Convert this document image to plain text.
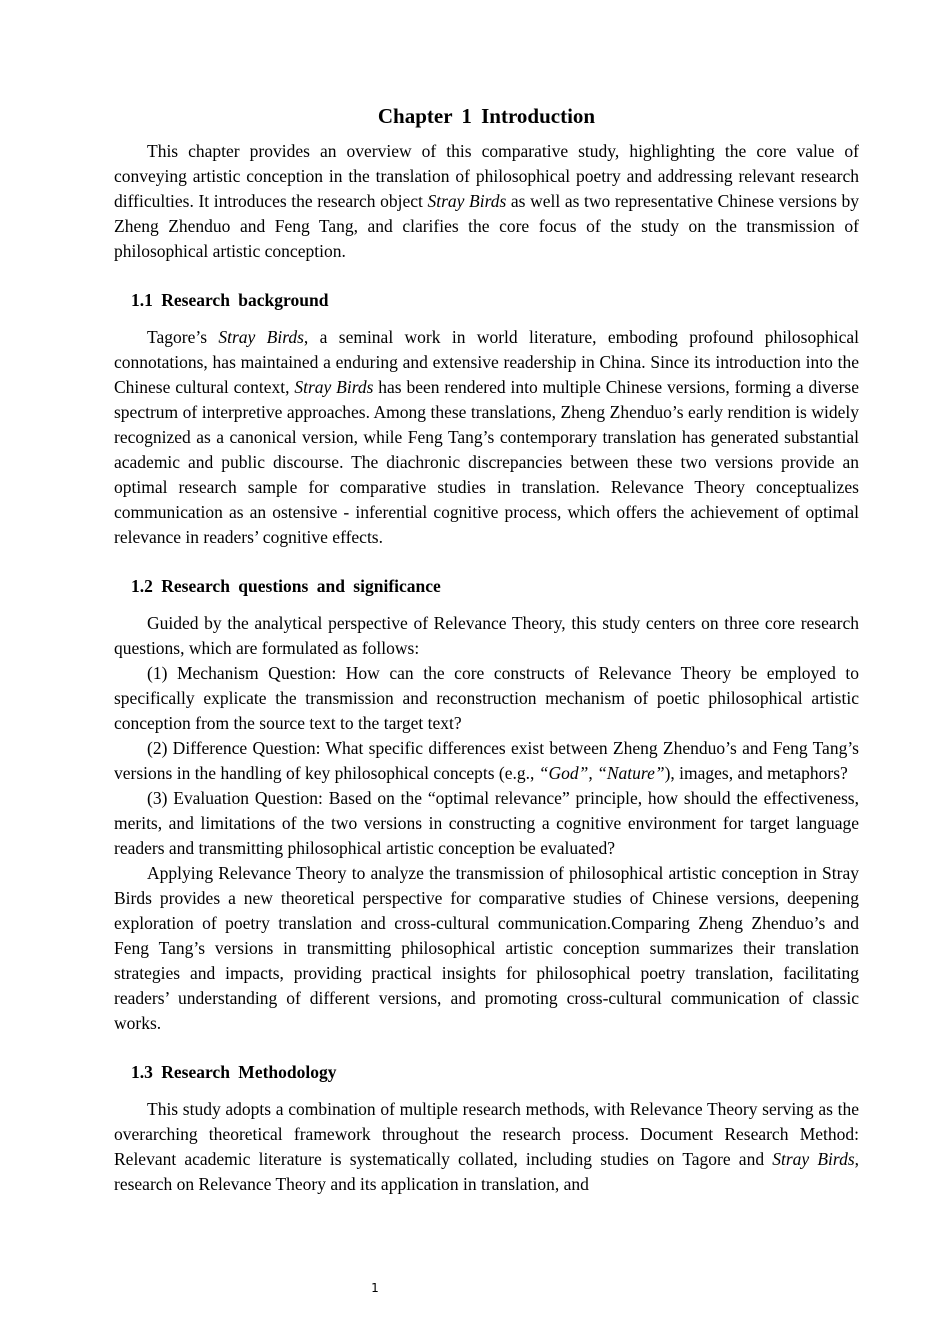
Chapter 1 Introduction

This chapter provides an overview of this comparative study, highlighting the core value of conveying artistic conception in the translation of philosophical poetry and addressing relevant research difficulties. It introduces the research object Stray Birds as well as two representative Chinese versions by Zheng Zhenduo and Feng Tang, and clarifies the core focus of the study on the transmission of philosophical artistic conception.

1.1 Research background

Tagore’s Stray Birds, a seminal work in world literature, emboding profound philosophical connotations, has maintained a enduring and extensive readership in China. Since its introduction into the Chinese cultural context, Stray Birds has been rendered into multiple Chinese versions, forming a diverse spectrum of interpretive approaches. Among these translations, Zheng Zhenduo’s early rendition is widely recognized as a canonical version, while Feng Tang’s contemporary translation has generated substantial academic and public discourse. The diachronic discrepancies between these two versions provide an optimal research sample for comparative studies in translation. Relevance Theory conceptualizes communication as an ostensive - inferential cognitive process, which offers the achievement of optimal relevance in readers’ cognitive effects.

1.2 Research questions and significance

Guided by the analytical perspective of Relevance Theory, this study centers on three core research questions, which are formulated as follows:

(1) Mechanism Question: How can the core constructs of Relevance Theory be employed to specifically explicate the transmission and reconstruction mechanism of poetic philosophical artistic conception from the source text to the target text?

(2) Difference Question: What specific differences exist between Zheng Zhenduo’s and Feng Tang’s versions in the handling of key philosophical concepts (e.g., “God”, “Nature”), images, and metaphors?

(3) Evaluation Question: Based on the “optimal relevance” principle, how should the effectiveness, merits, and limitations of the two versions in constructing a cognitive environment for target language readers and transmitting philosophical artistic conception be evaluated?

Applying Relevance Theory to analyze the transmission of philosophical artistic conception in Stray Birds provides a new theoretical perspective for comparative studies of Chinese versions, deepening exploration of poetry translation and cross-cultural communication.Comparing Zheng Zhenduo’s and Feng Tang’s versions in transmitting philosophical artistic conception summarizes their translation strategies and impacts, providing practical insights for philosophical poetry translation, facilitating readers’ understanding of different versions, and promoting cross-cultural communication of classic works.

1.3 Research Methodology

This study adopts a combination of multiple research methods, with Relevance Theory serving as the overarching theoretical framework throughout the research process. Document Research Method: Relevant academic literature is systematically collated, including studies on Tagore and Stray Birds, research on Relevance Theory and its application in translation, and

1
